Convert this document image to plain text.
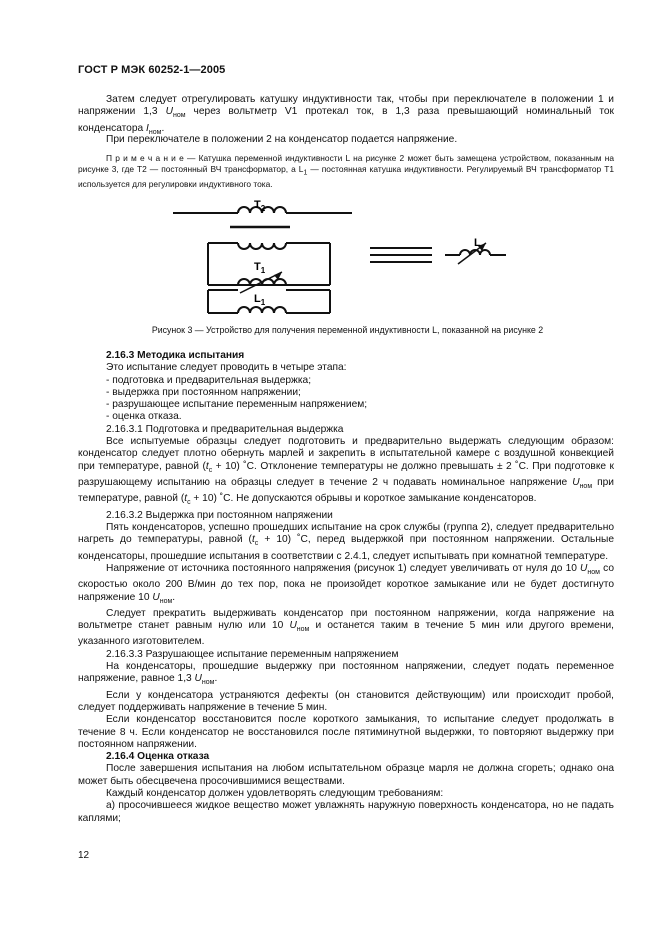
ГОСТ Р МЭК 60252-1—2005
Затем следует отрегулировать катушку индуктивности так, чтобы при переключателе в положении 1 и напряжении 1,3 $U_{ном}$ через вольтметр V1 протекал ток, в 1,3 раза превышающий номинальный ток конденсатора $I_{ном}$.
При переключателе в положении 2 на конденсатор подается напряжение.
П р и м е ч а н и е — Катушка переменной индуктивности L на рисунке 2 может быть замещена устройством, показанным на рисунке 3, где T2 — постоянный ВЧ трансформатор, а $L_1$ — постоянная катушка индуктивности. Регулируемый ВЧ трансформатор T1 используется для регулировки индуктивного тока.
$T_2$
$T_1$
$L_1$
L
Рисунок 3 — Устройство для получения переменной индуктивности L, показанной на рисунке 2

2.16.3 Методика испытания

Это испытание следует проводить в четыре этапа:

- подготовка и предварительная выдержка;

- выдержка при постоянном напряжении;

- разрушающее испытание переменным напряжением;

- оценка отказа.

2.16.3.1 Подготовка и предварительная выдержка

Все испытуемые образцы следует подготовить и предварительно выдержать следующим образом: конденсатор следует плотно обернуть марлей и закрепить в испытательной камере с воздушной конвекцией при температуре, равной $(t_c + 10)$ ˚С. Отклонение температуры не должно превышать ± 2 ˚С. При подготовке к разрушающему испытанию на образцы следует в течение 2 ч подавать номинальное напряжение $U_{ном}$ при температуре, равной $(t_c + 10)$ ˚С. Не допускаются обрывы и короткое замыкание конденсаторов.

2.16.3.2 Выдержка при постоянном напряжении

Пять конденсаторов, успешно прошедших испытание на срок службы (группа 2), следует предварительно нагреть до температуры, равной $(t_c + 10)$ ˚С, перед выдержкой при постоянном напряжении. Остальные конденсаторы, прошедшие испытания в соответствии с 2.4.1, следует испытывать при комнатной температуре.

Напряжение от источника постоянного напряжения (рисунок 1) следует увеличивать от нуля до 10 $U_{ном}$ со скоростью около 200 В/мин до тех пор, пока не произойдет короткое замыкание или не будет достигнуто напряжение 10 $U_{ном}$.

Следует прекратить выдерживать конденсатор при постоянном напряжении, когда напряжение на вольтметре станет равным нулю или 10 $U_{ном}$ и останется таким в течение 5 мин или другого времени, указанного изготовителем.

2.16.3.3 Разрушающее испытание переменным напряжением

На конденсаторы, прошедшие выдержку при постоянном напряжении, следует подать переменное напряжение, равное 1,3 $U_{ном}$.

Если у конденсатора устраняются дефекты (он становится действующим) или происходит пробой, следует поддерживать напряжение в течение 5 мин.

Если конденсатор восстановится после короткого замыкания, то испытание следует продолжать в течение 8 ч. Если конденсатор не восстановился после пятиминутной выдержки, то повторяют выдержку при постоянном напряжении.

2.16.4 Оценка отказа

После завершения испытания на любом испытательном образце марля не должна сгореть; однако она может быть обесцвечена просочившимися веществами.

Каждый конденсатор должен удовлетворять следующим требованиям:

а) просочившееся жидкое вещество может увлажнять наружную поверхность конденсатора, но не падать каплями;

12
